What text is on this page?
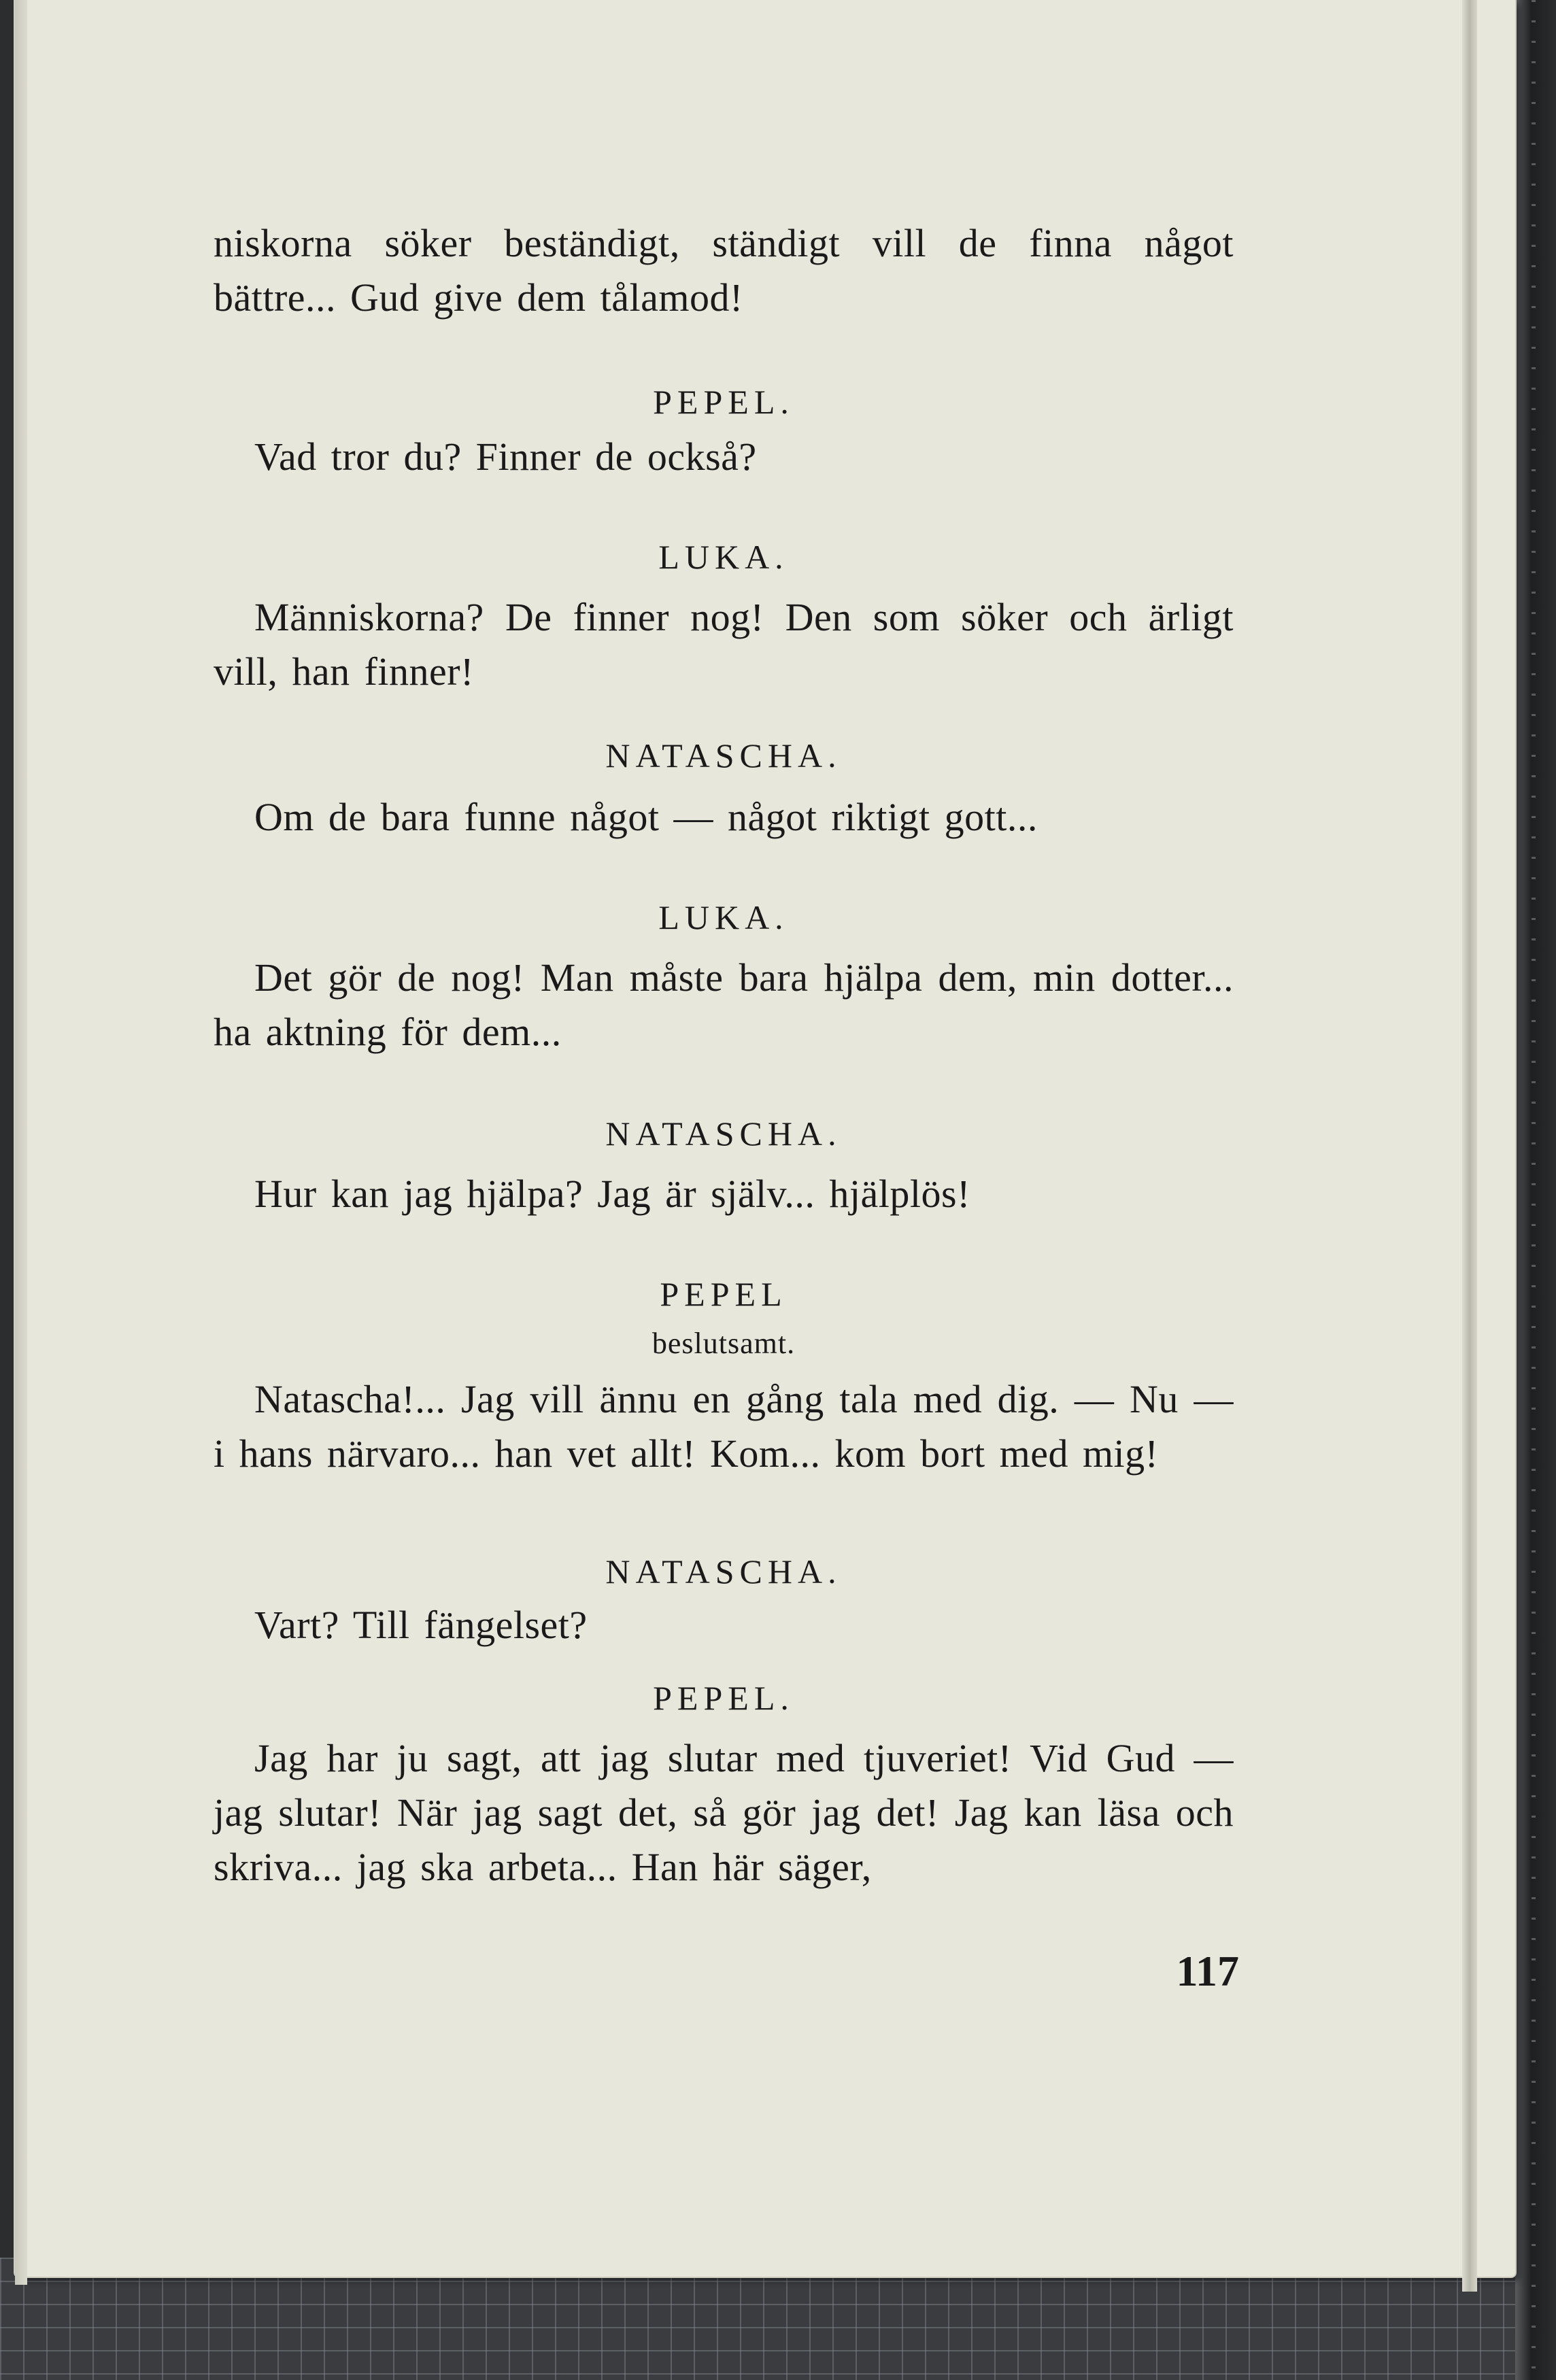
niskorna söker beständigt, ständigt vill de finna något bättre... Gud give dem tålamod!

PEPEL.

Vad tror du? Finner de också?

LUKA.

Människorna? De finner nog! Den som söker och ärligt vill, han finner!

NATASCHA.

Om de bara funne något — något riktigt gott...

LUKA.

Det gör de nog! Man måste bara hjälpa dem, min dotter... ha aktning för dem...

NATASCHA.

Hur kan jag hjälpa? Jag är själv... hjälplös!

PEPEL

beslutsamt.

Natascha!... Jag vill ännu en gång tala med dig. — Nu — i hans närvaro... han vet allt! Kom... kom bort med mig!

NATASCHA.

Vart? Till fängelset?

PEPEL.

Jag har ju sagt, att jag slutar med tjuveriet! Vid Gud — jag slutar! När jag sagt det, så gör jag det! Jag kan läsa och skriva... jag ska arbeta... Han här säger,

117
